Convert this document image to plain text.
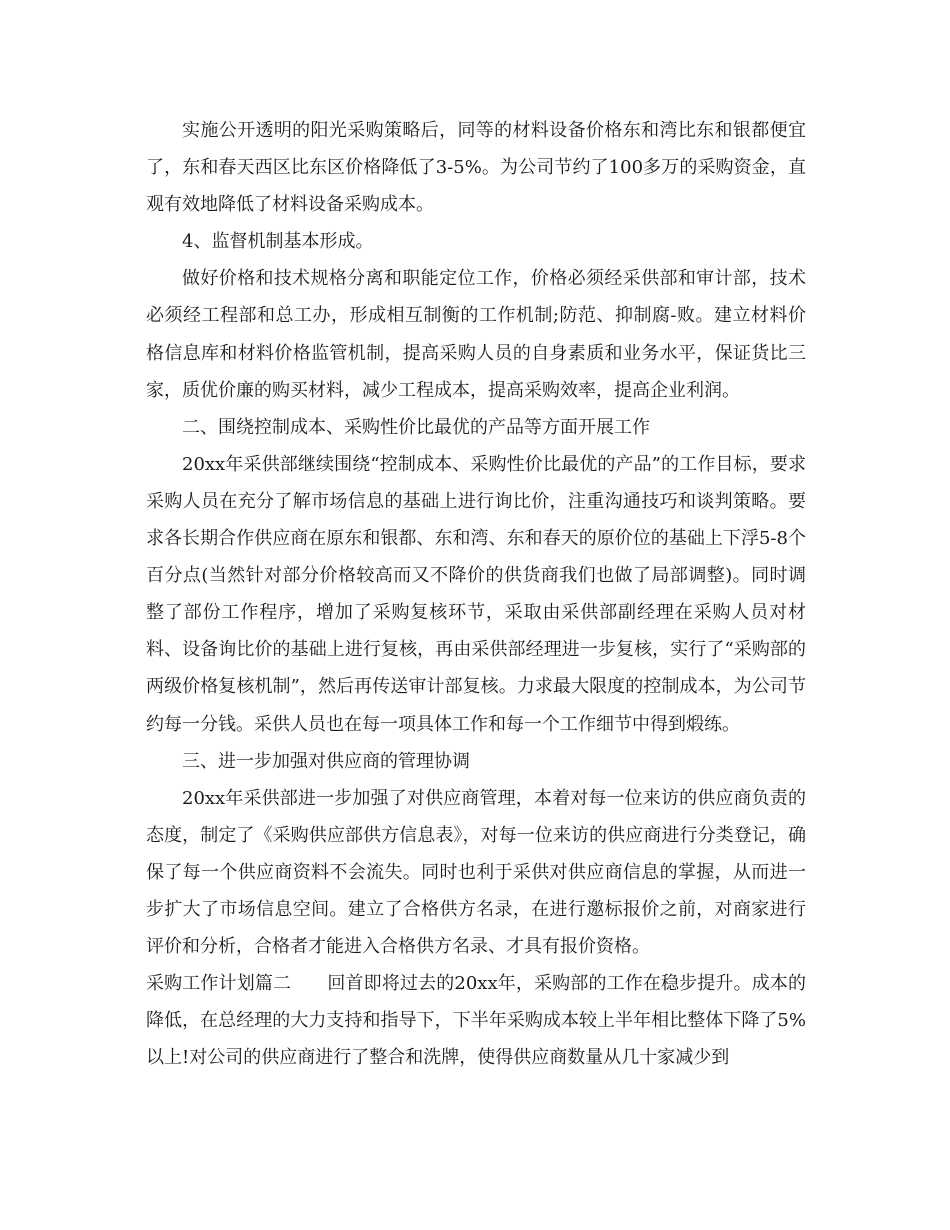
实施公开透明的阳光采购策略后，同等的材料设备价格东和湾比东和银都便宜了，东和春天西区比东区价格降低了3-5%。为公司节约了100多万的采购资金，直观有效地降低了材料设备采购成本。

4、监督机制基本形成。

做好价格和技术规格分离和职能定位工作，价格必须经采供部和审计部，技术必须经工程部和总工办，形成相互制衡的工作机制;防范、抑制腐-败。建立材料价格信息库和材料价格监管机制，提高采购人员的自身素质和业务水平，保证货比三家，质优价廉的购买材料，减少工程成本，提高采购效率，提高企业利润。

二、围绕控制成本、采购性价比最优的产品等方面开展工作

20xx年采供部继续围绕“控制成本、采购性价比最优的产品”的工作目标，要求采购人员在充分了解市场信息的基础上进行询比价，注重沟通技巧和谈判策略。要求各长期合作供应商在原东和银都、东和湾、东和春天的原价位的基础上下浮5-8个百分点(当然针对部分价格较高而又不降价的供货商我们也做了局部调整)。同时调整了部份工作程序，增加了采购复核环节，采取由采供部副经理在采购人员对材料、设备询比价的基础上进行复核，再由采供部经理进一步复核，实行了“采购部的两级价格复核机制”，然后再传送审计部复核。力求最大限度的控制成本，为公司节约每一分钱。采供人员也在每一项具体工作和每一个工作细节中得到煅练。

三、进一步加强对供应商的管理协调

20xx年采供部进一步加强了对供应商管理，本着对每一位来访的供应商负责的态度，制定了《采购供应部供方信息表》，对每一位来访的供应商进行分类登记，确保了每一个供应商资料不会流失。同时也利于采供对供应商信息的掌握，从而进一步扩大了市场信息空间。建立了合格供方名录，在进行邀标报价之前，对商家进行评价和分析，合格者才能进入合格供方名录、才具有报价资格。

采购工作计划篇二　　回首即将过去的20xx年，采购部的工作在稳步提升。成本的降低，在总经理的大力支持和指导下，下半年采购成本较上半年相比整体下降了5%以上!对公司的供应商进行了整合和洗牌，使得供应商数量从几十家减少到
